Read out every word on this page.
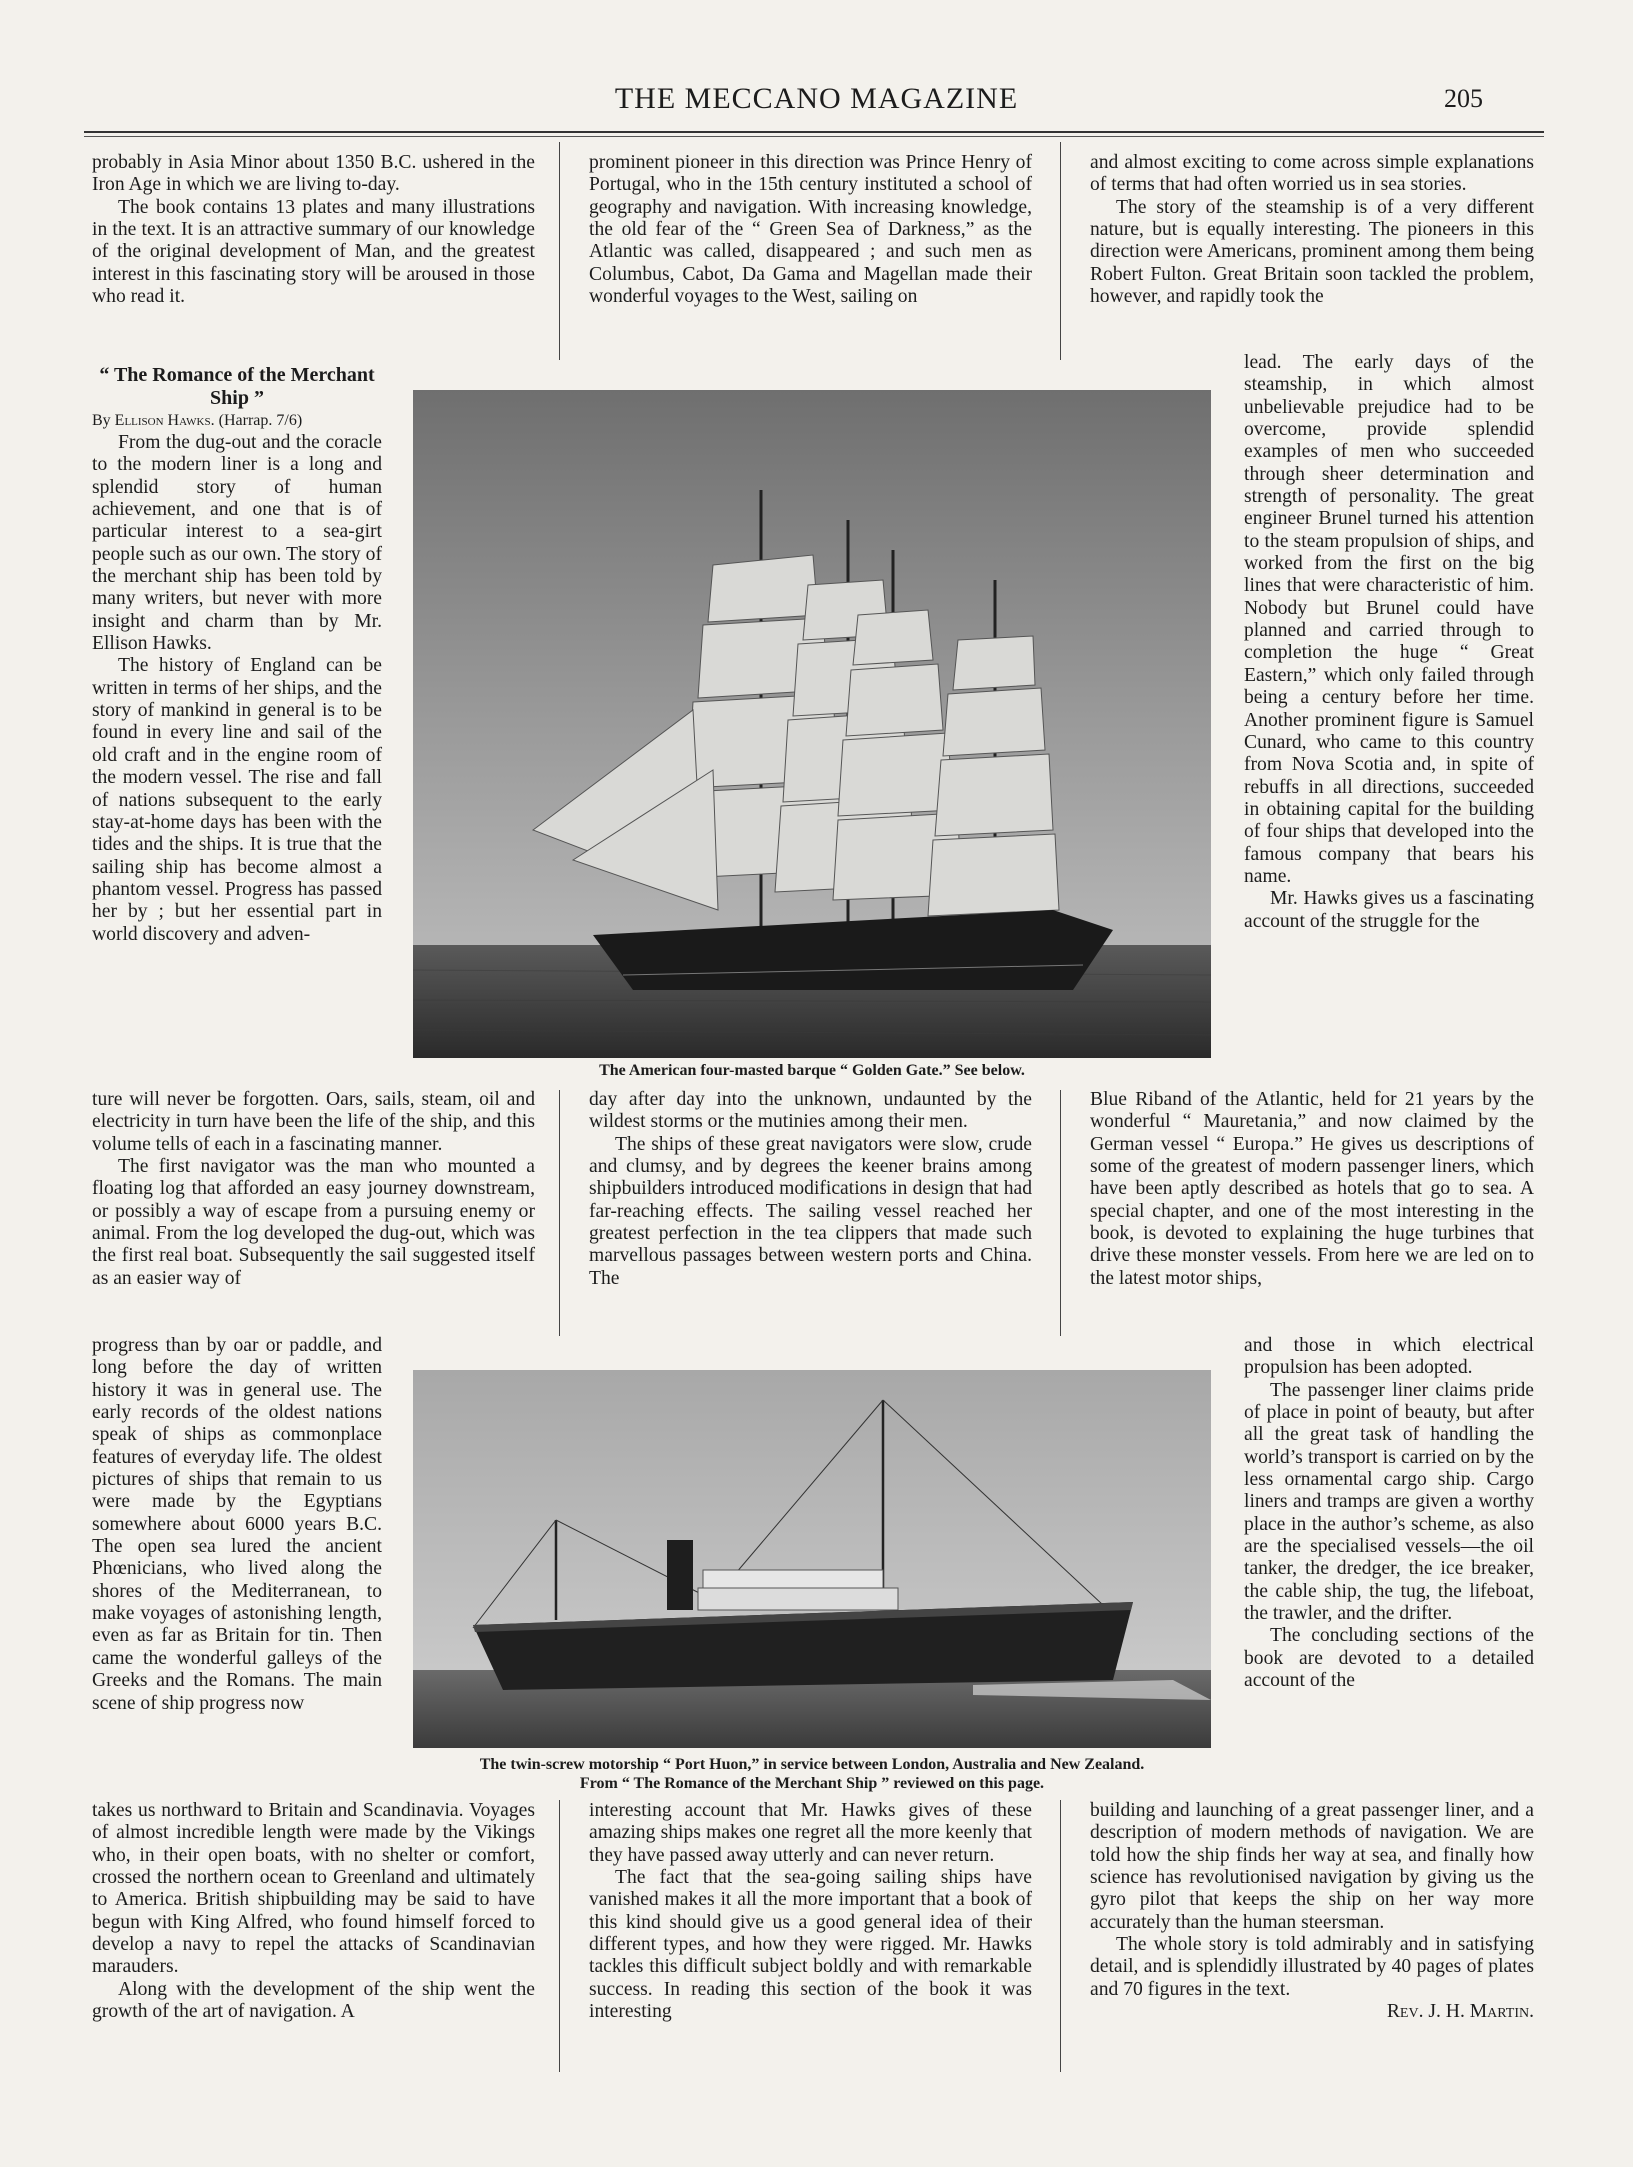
THE MECCANO MAGAZINE	205

probably in Asia Minor about 1350 B.C. ushered in the Iron Age in which we are living to-day.

The book contains 13 plates and many illustrations in the text. It is an attractive summary of our knowledge of the original development of Man, and the greatest interest in this fascinating story will be aroused in those who read it.

“ The Romance of the Merchant Ship ”

By Ellison Hawks. (Harrap. 7/6)

From the dug-out and the coracle to the modern liner is a long and splendid story of human achievement, and one that is of particular interest to a sea-girt people such as our own. The story of the merchant ship has been told by many writers, but never with more insight and charm than by Mr. Ellison Hawks.

The history of England can be written in terms of her ships, and the story of mankind in general is to be found in every line and sail of the old craft and in the engine room of the modern vessel. The rise and fall of nations subsequent to the early stay-at-home days has been with the tides and the ships. It is true that the sailing ship has become almost a phantom vessel. Progress has passed her by ; but her essential part in world discovery and adven-

ture will never be forgotten. Oars, sails, steam, oil and electricity in turn have been the life of the ship, and this volume tells of each in a fascinating manner.

The first navigator was the man who mounted a floating log that afforded an easy journey downstream, or possibly a way of escape from a pursuing enemy or animal. From the log developed the dug-out, which was the first real boat. Subsequently the sail suggested itself as an easier way of

progress than by oar or paddle, and long before the day of written history it was in general use. The early records of the oldest nations speak of ships as commonplace features of everyday life. The oldest pictures of ships that remain to us were made by the Egyptians somewhere about 6000 years B.C. The open sea lured the ancient Phœnicians, who lived along the shores of the Mediterranean, to make voyages of astonishing length, even as far as Britain for tin. Then came the wonderful galleys of the Greeks and the Romans. The main scene of ship progress now

takes us northward to Britain and Scandinavia. Voyages of almost incredible length were made by the Vikings who, in their open boats, with no shelter or comfort, crossed the northern ocean to Greenland and ultimately to America. British shipbuilding may be said to have begun with King Alfred, who found himself forced to develop a navy to repel the attacks of Scandinavian marauders.

Along with the development of the ship went the growth of the art of navigation. A

prominent pioneer in this direction was Prince Henry of Portugal, who in the 15th century instituted a school of geography and navigation. With increasing knowledge, the old fear of the “ Green Sea of Darkness,” as the Atlantic was called, disappeared ; and such men as Columbus, Cabot, Da Gama and Magellan made their wonderful voyages to the West, sailing on

day after day into the unknown, undaunted by the wildest storms or the mutinies among their men.

The ships of these great navigators were slow, crude and clumsy, and by degrees the keener brains among shipbuilders introduced modifications in design that had far-reaching effects. The sailing vessel reached her greatest perfection in the tea clippers that made such marvellous passages between western ports and China. The

interesting account that Mr. Hawks gives of these amazing ships makes one regret all the more keenly that they have passed away utterly and can never return.

The fact that the sea-going sailing ships have vanished makes it all the more important that a book of this kind should give us a good general idea of their different types, and how they were rigged. Mr. Hawks tackles this difficult subject boldly and with remarkable success. In reading this section of the book it was interesting

and almost exciting to come across simple explanations of terms that had often worried us in sea stories.

The story of the steamship is of a very different nature, but is equally interesting. The pioneers in this direction were Americans, prominent among them being Robert Fulton. Great Britain soon tackled the problem, however, and rapidly took the

lead. The early days of the steamship, in which almost unbelievable prejudice had to be overcome, provide splendid examples of men who succeeded through sheer determination and strength of personality. The great engineer Brunel turned his attention to the steam propulsion of ships, and worked from the first on the big lines that were characteristic of him. Nobody but Brunel could have planned and carried through to completion the huge “ Great Eastern,” which only failed through being a century before her time. Another prominent figure is Samuel Cunard, who came to this country from Nova Scotia and, in spite of rebuffs in all directions, succeeded in obtaining capital for the building of four ships that developed into the famous company that bears his name.

Mr. Hawks gives us a fascinating account of the struggle for the

Blue Riband of the Atlantic, held for 21 years by the wonderful “ Mauretania,” and now claimed by the German vessel “ Europa.” He gives us descriptions of some of the greatest of modern passenger liners, which have been aptly described as hotels that go to sea. A special chapter, and one of the most interesting in the book, is devoted to explaining the huge turbines that drive these monster vessels. From here we are led on to the latest motor ships,

and those in which electrical propulsion has been adopted.

The passenger liner claims pride of place in point of beauty, but after all the great task of handling the world’s transport is carried on by the less ornamental cargo ship. Cargo liners and tramps are given a worthy place in the author’s scheme, as also are the specialised vessels—the oil tanker, the dredger, the ice breaker, the cable ship, the tug, the lifeboat, the trawler, and the drifter.

The concluding sections of the book are devoted to a detailed account of the

building and launching of a great passenger liner, and a description of modern methods of navigation. We are told how the ship finds her way at sea, and finally how science has revolutionised navigation by giving us the gyro pilot that keeps the ship on her way more accurately than the human steersman.

The whole story is told admirably and in satisfying detail, and is splendidly illustrated by 40 pages of plates and 70 figures in the text.

Rev. J. H. Martin.

The American four-masted barque “ Golden Gate.” See below.
The twin-screw motorship “ Port Huon,” in service between London, Australia and New Zealand.
From “ The Romance of the Merchant Ship ” reviewed on this page.
